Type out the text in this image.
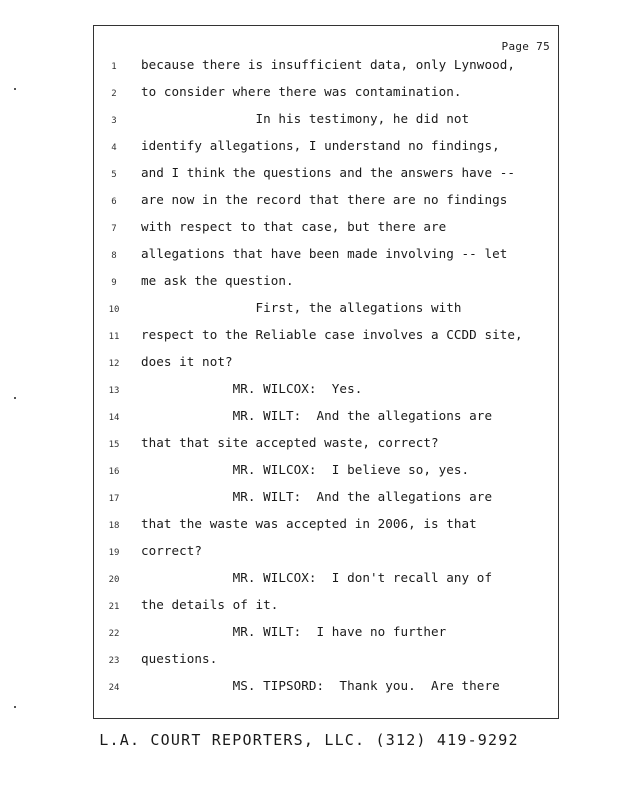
Page 75
1	because there is insufficient data, only Lynwood,
2	to consider where there was contamination.
3	In his testimony, he did not
4	identify allegations, I understand no findings,
5	and I think the questions and the answers have --
6	are now in the record that there are no findings
7	with respect to that case, but there are
8	allegations that have been made involving -- let
9	me ask the question.
10	First, the allegations with
11	respect to the Reliable case involves a CCDD site,
12	does it not?
13	MR. WILCOX:  Yes.
14	MR. WILT:  And the allegations are
15	that that site accepted waste, correct?
16	MR. WILCOX:  I believe so, yes.
17	MR. WILT:  And the allegations are
18	that the waste was accepted in 2006, is that
19	correct?
20	MR. WILCOX:  I don't recall any of
21	the details of it.
22	MR. WILT:  I have no further
23	questions.
24	MS. TIPSORD:  Thank you.  Are there
L.A. COURT REPORTERS, LLC. (312) 419-9292
